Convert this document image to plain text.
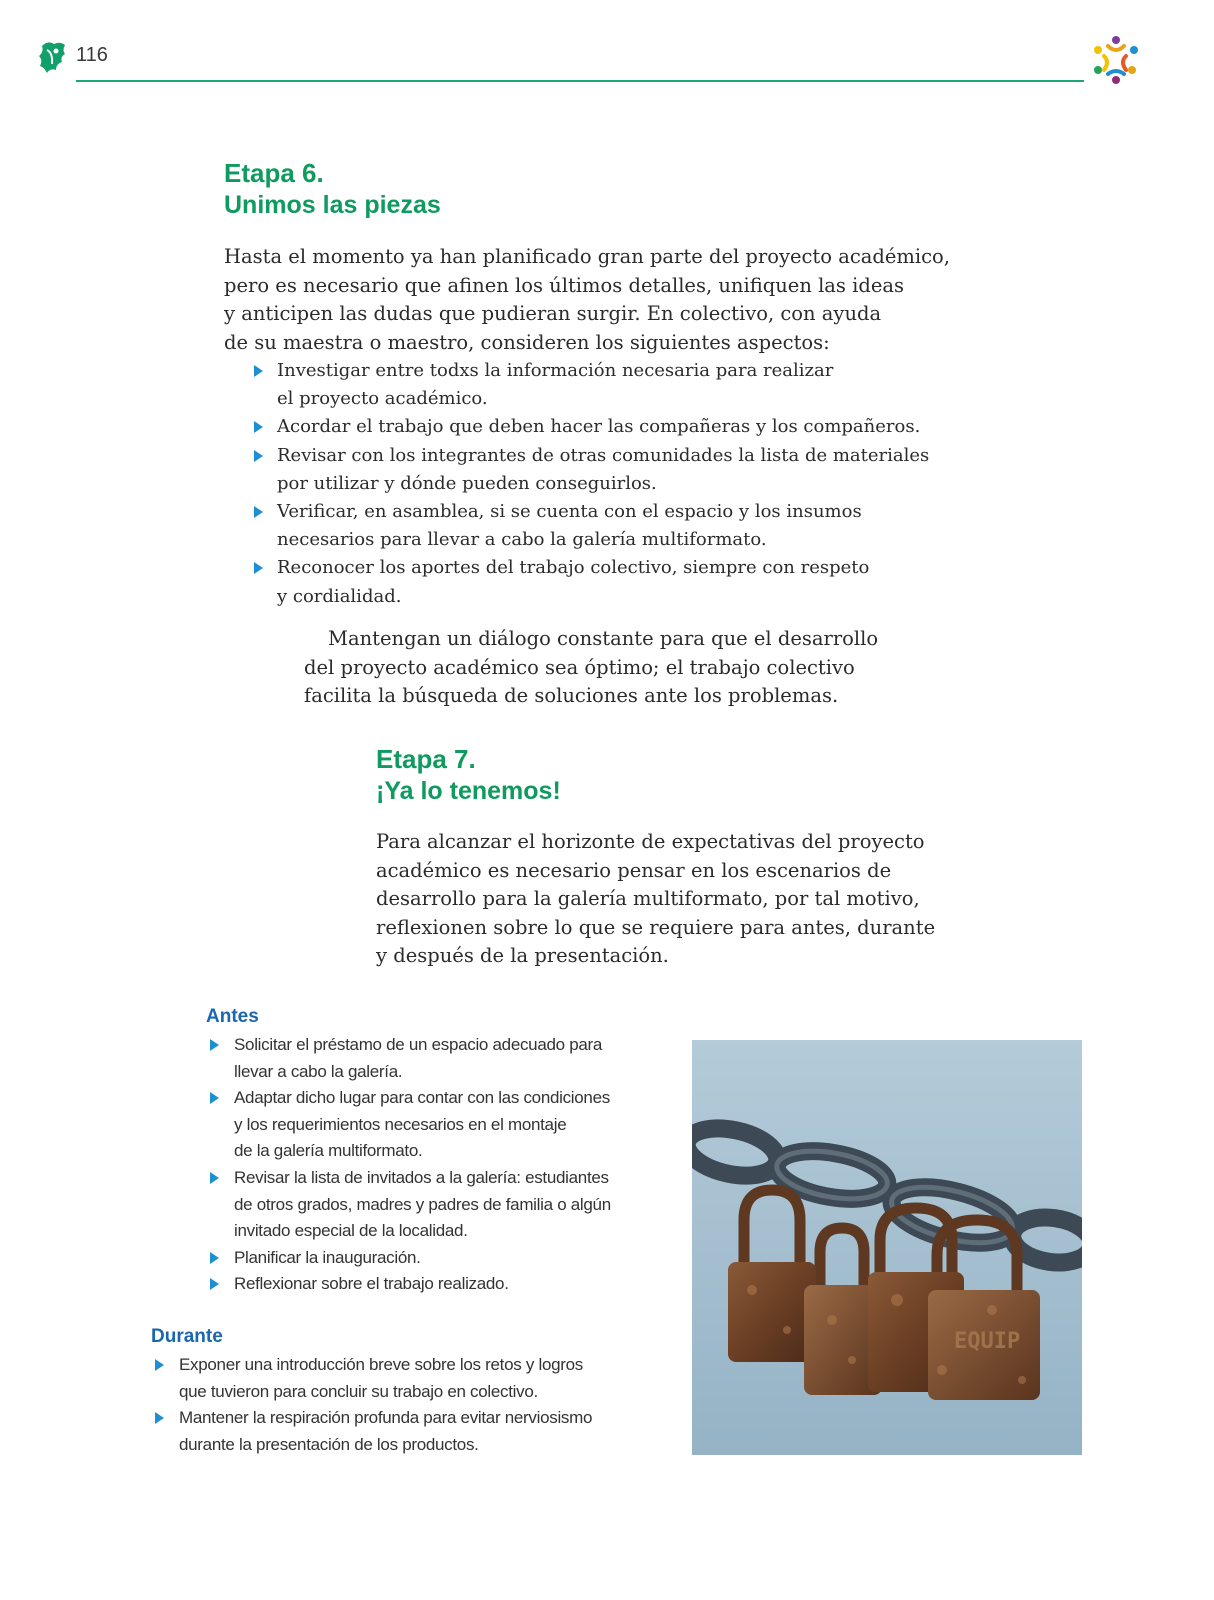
116
Etapa 6.
Unimos las piezas

Hasta el momento ya han planificado gran parte del proyecto académico,
pero es necesario que afinen los últimos detalles, unifiquen las ideas
y anticipen las dudas que pudieran surgir. En colectivo, con ayuda
de su maestra o maestro, consideren los siguientes aspectos:

Investigar entre todxs la información necesaria para realizar
el proyecto académico.
Acordar el trabajo que deben hacer las compañeras y los compañeros.
Revisar con los integrantes de otras comunidades la lista de materiales
por utilizar y dónde pueden conseguirlos.
Verificar, en asamblea, si se cuenta con el espacio y los insumos
necesarios para llevar a cabo la galería multiformato.
Reconocer los aportes del trabajo colectivo, siempre con respeto
y cordialidad.

Mantengan un diálogo constante para que el desarrollo
del proyecto académico sea óptimo; el trabajo colectivo
facilita la búsqueda de soluciones ante los problemas.

Etapa 7.
¡Ya lo tenemos!

Para alcanzar el horizonte de expectativas del proyecto
académico es necesario pensar en los escenarios de
desarrollo para la galería multiformato, por tal motivo,
reflexionen sobre lo que se requiere para antes, durante
y después de la presentación.

Antes
Solicitar el préstamo de un espacio adecuado para
llevar a cabo la galería.
Adaptar dicho lugar para contar con las condiciones
y los requerimientos necesarios en el montaje
de la galería multiformato.
Revisar la lista de invitados a la galería: estudiantes
de otros grados, madres y padres de familia o algún
invitado especial de la localidad.
Planificar la inauguración.
Reflexionar sobre el trabajo realizado.
Durante
Exponer una introducción breve sobre los retos y logros
que tuvieron para concluir su trabajo en colectivo.
Mantener la respiración profunda para evitar nerviosismo
durante la presentación de los productos.
EQUIP
